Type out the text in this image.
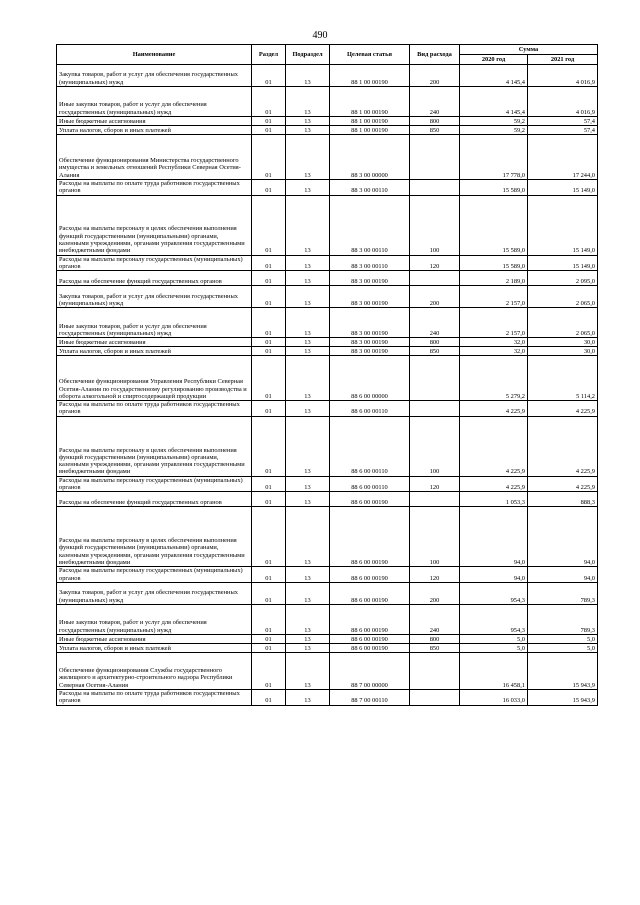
490
Наименование	Раздел	Подраздел	Целевая статья	Вид расхода	Сумма	
					2020 год	2021 год
Закупка товаров, работ и услуг для обеспечения государственных (муниципальных) нужд	01	13	88 1 00 00190	200	4 145,4	4 016,9
Иные закупки товаров, работ и услуг для обеспечения государственных (муниципальных) нужд	01	13	88 1 00 00190	240	4 145,4	4 016,9
Иные бюджетные ассигнования	01	13	88 1 00 00190	800	59,2	57,4
Уплата налогов, сборов и иных платежей	01	13	88 1 00 00190	850	59,2	57,4
Обеспечение функционирования Министерства государственного имущества и земельных отношений Республики Северная Осетия-Алания	01	13	88 3 00 00000		17 778,0	17 244,0
Расходы на выплаты по оплате труда работников государственных органов	01	13	88 3 00 00110		15 589,0	15 149,0
Расходы на выплаты персоналу в целях обеспечения выполнения функций государственными (муниципальными) органами, казенными учреждениями, органами управления государственными внебюджетными фондами	01	13	88 3 00 00110	100	15 589,0	15 149,0
Расходы на выплаты персоналу государственных (муниципальных) органов	01	13	88 3 00 00110	120	15 589,0	15 149,0
Расходы на обеспечение функций государственных органов	01	13	88 3 00 00190		2 189,0	2 095,0
Закупка товаров, работ и услуг для обеспечения государственных (муниципальных) нужд	01	13	88 3 00 00190	200	2 157,0	2 065,0
Иные закупки товаров, работ и услуг для обеспечения государственных (муниципальных) нужд	01	13	88 3 00 00190	240	2 157,0	2 065,0
Иные бюджетные ассигнования	01	13	88 3 00 00190	800	32,0	30,0
Уплата налогов, сборов и иных платежей	01	13	88 3 00 00190	850	32,0	30,0
Обеспечение функционирования Управления Республики Северная Осетия-Алания по государственному регулированию производства и оборота алкогольной и спиртосодержащей продукции	01	13	88 6 00 00000		5 279,2	5 114,2
Расходы на выплаты по оплате труда работников государственных органов	01	13	88 6 00 00110		4 225,9	4 225,9
Расходы на выплаты персоналу в целях обеспечения выполнения функций государственными (муниципальными) органами, казенными учреждениями, органами управления государственными внебюджетными фондами	01	13	88 6 00 00110	100	4 225,9	4 225,9
Расходы на выплаты персоналу государственных (муниципальных) органов	01	13	88 6 00 00110	120	4 225,9	4 225,9
Расходы на обеспечение функций государственных органов	01	13	88 6 00 00190		1 053,3	888,3
Расходы на выплаты персоналу в целях обеспечения выполнения функций государственными (муниципальными) органами, казенными учреждениями, органами управления государственными внебюджетными фондами	01	13	88 6 00 00190	100	94,0	94,0
Расходы на выплаты персоналу государственных (муниципальных) органов	01	13	88 6 00 00190	120	94,0	94,0
Закупка товаров, работ и услуг для обеспечения государственных (муниципальных) нужд	01	13	88 6 00 00190	200	954,3	789,3
Иные закупки товаров, работ и услуг для обеспечения государственных (муниципальных) нужд	01	13	88 6 00 00190	240	954,3	789,3
Иные бюджетные ассигнования	01	13	88 6 00 00190	800	5,0	5,0
Уплата налогов, сборов и иных платежей	01	13	88 6 00 00190	850	5,0	5,0
Обеспечение функционирования Службы государственного жилищного и архитектурно-строительного надзора Республики Северная Осетия-Алания	01	13	88 7 00 00000		16 458,1	15 943,9
Расходы на выплаты по оплате труда работников государственных органов	01	13	88 7 00 00110		16 033,0	15 943,9
